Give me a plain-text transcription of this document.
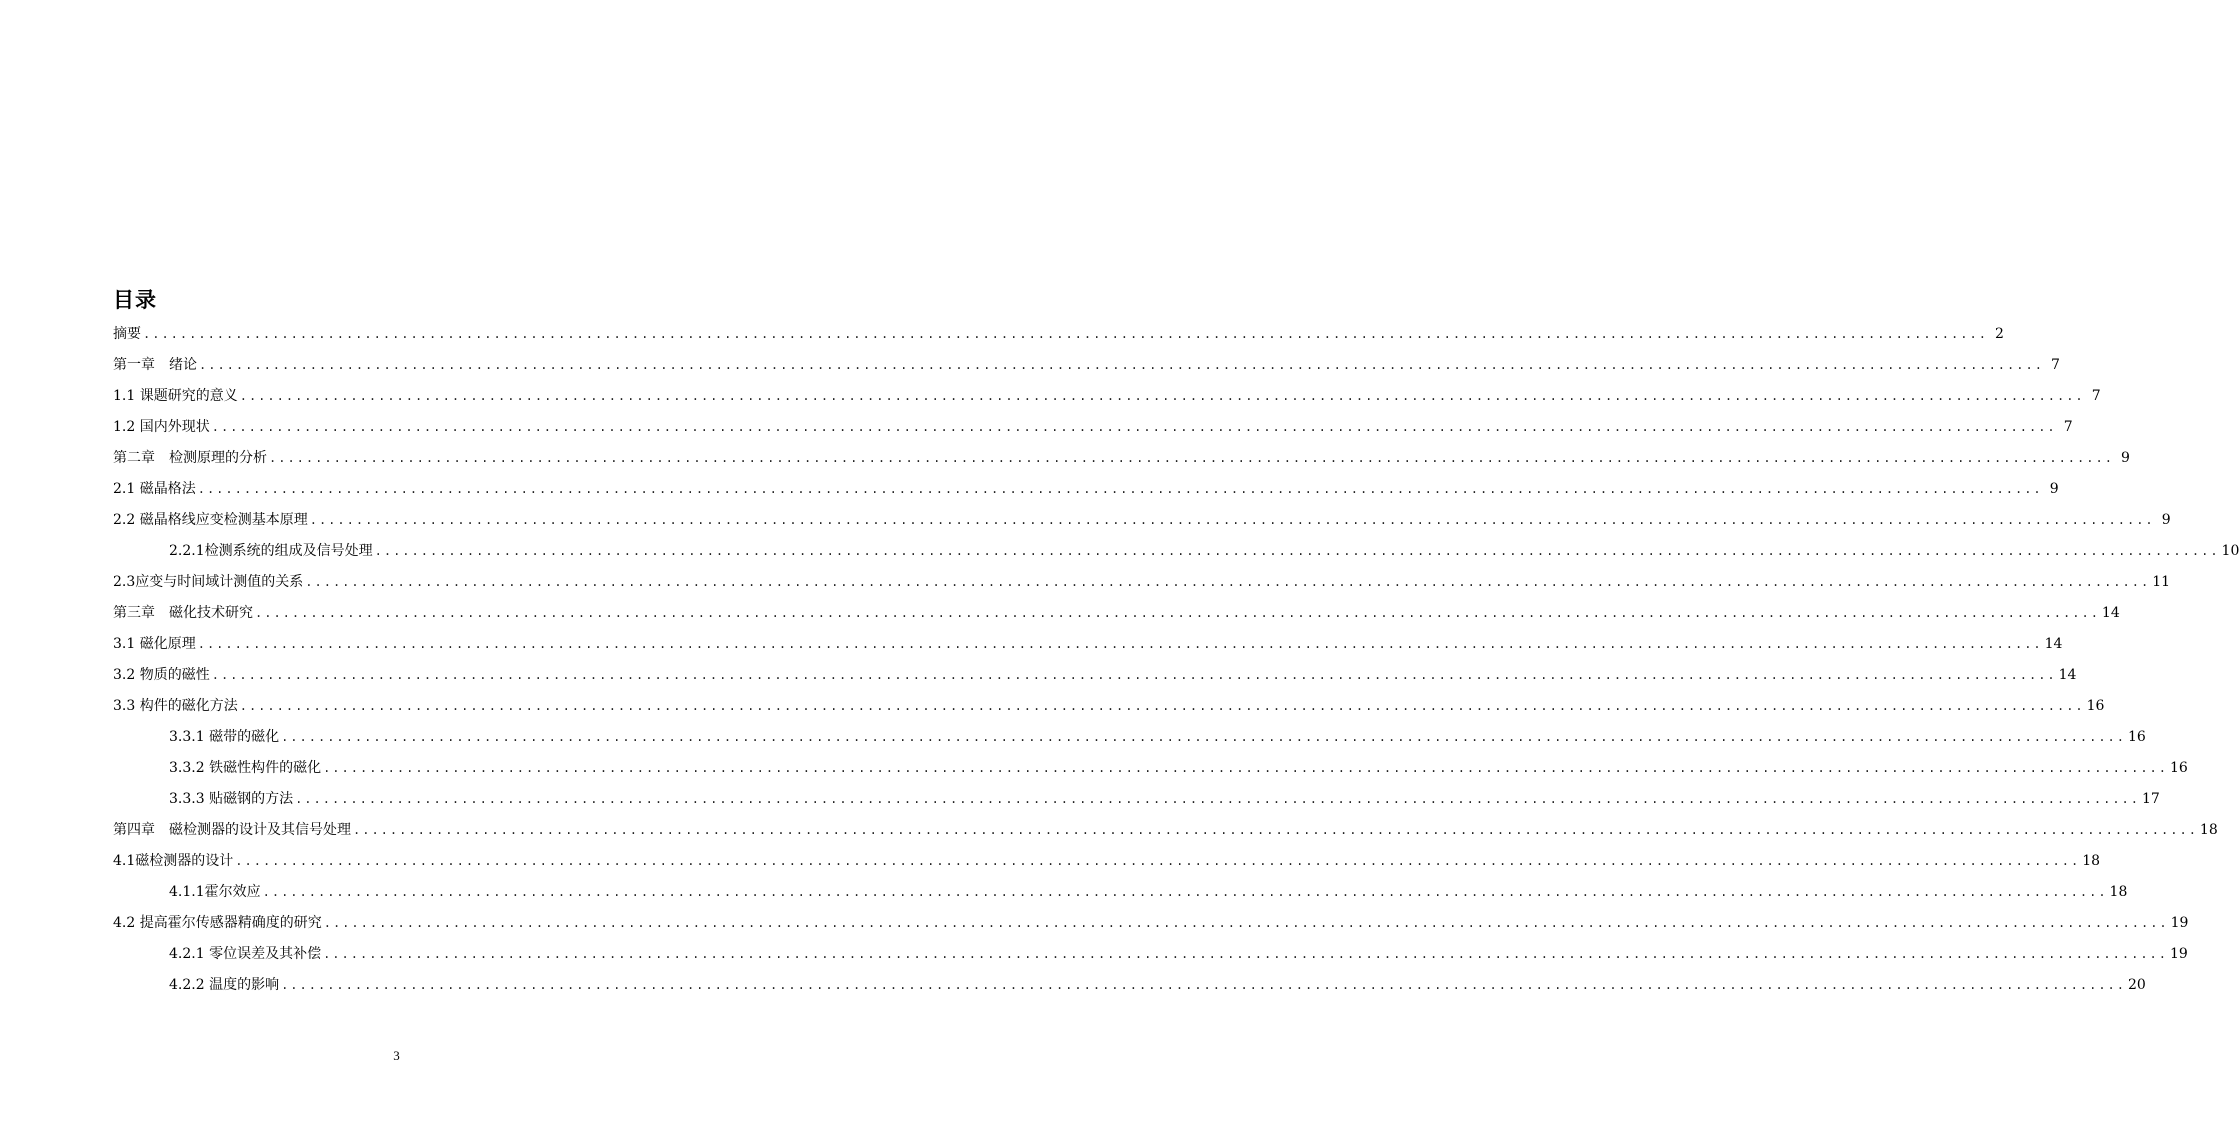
目录
摘要 ........................................................................................................................................................................................................ 2
第一章　绪论 ........................................................................................................................................................................................................ 7
1.1 课题研究的意义 ........................................................................................................................................................................................................ 7
1.2 国内外现状 ........................................................................................................................................................................................................ 7
第二章　检测原理的分析 ........................................................................................................................................................................................................ 9
2.1 磁晶格法 ........................................................................................................................................................................................................ 9
2.2 磁晶格线应变检测基本原理 ........................................................................................................................................................................................................ 9
2.2.1检测系统的组成及信号处理 ........................................................................................................................................................................................................ 10
2.3应变与时间域计测值的关系 ........................................................................................................................................................................................................ 11
第三章　磁化技术研究 ........................................................................................................................................................................................................ 14
3.1 磁化原理 ........................................................................................................................................................................................................ 14
3.2 物质的磁性 ........................................................................................................................................................................................................ 14
3.3 构件的磁化方法 ........................................................................................................................................................................................................ 16
3.3.1 磁带的磁化 ........................................................................................................................................................................................................ 16
3.3.2 铁磁性构件的磁化 ........................................................................................................................................................................................................ 16
3.3.3 贴磁钢的方法 ........................................................................................................................................................................................................ 17
第四章　磁检测器的设计及其信号处理 ........................................................................................................................................................................................................ 18
4.1磁检测器的设计 ........................................................................................................................................................................................................ 18
4.1.1霍尔效应 ........................................................................................................................................................................................................ 18
4.2 提高霍尔传感器精确度的研究 ........................................................................................................................................................................................................ 19
4.2.1 零位误差及其补偿 ........................................................................................................................................................................................................ 19
4.2.2 温度的影响 ........................................................................................................................................................................................................ 20
3
